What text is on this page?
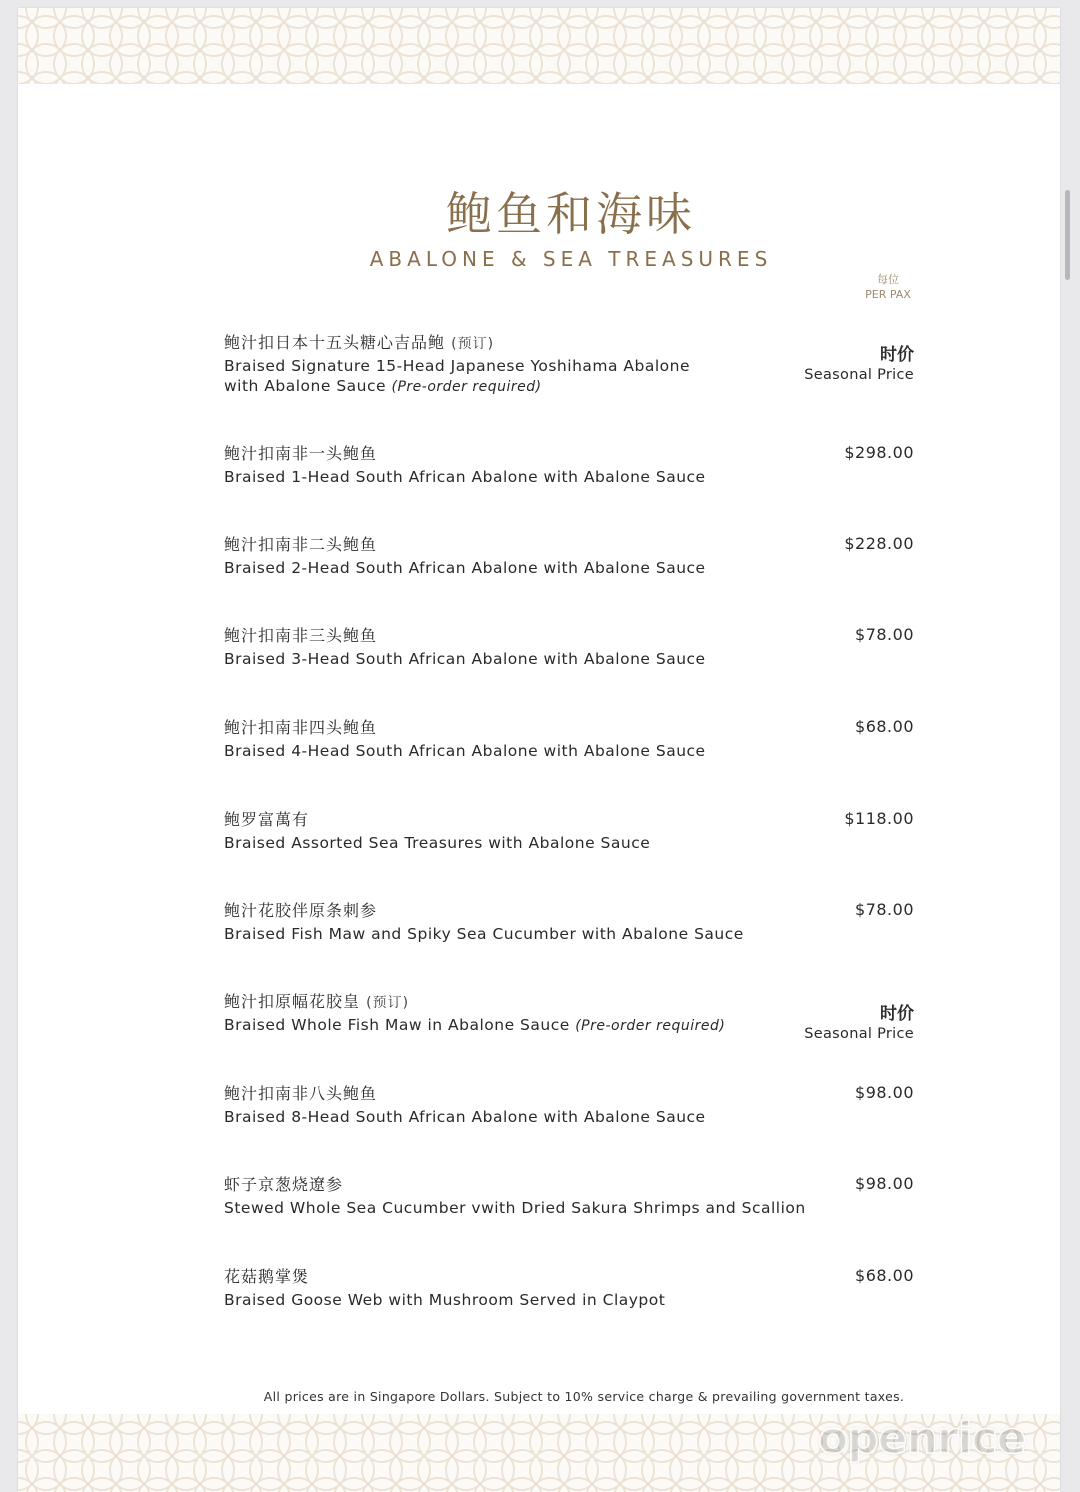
鲍鱼和海味
ABALONE & SEA TREASURES
每位
PER PAX
鲍汁扣日本十五头糖心吉品鲍 (预订)
Braised Signature 15-Head Japanese Yoshihama Abalone
with Abalone Sauce (Pre-order required)
时价
Seasonal Price
鲍汁扣南非一头鲍鱼
Braised 1-Head South African Abalone with Abalone Sauce
$298.00
鲍汁扣南非二头鲍鱼
Braised 2-Head South African Abalone with Abalone Sauce
$228.00
鲍汁扣南非三头鲍鱼
Braised 3-Head South African Abalone with Abalone Sauce
$78.00
鲍汁扣南非四头鲍鱼
Braised 4-Head South African Abalone with Abalone Sauce
$68.00
鲍罗富萬有
Braised Assorted Sea Treasures with Abalone Sauce
$118.00
鲍汁花胶伴原条刺参
Braised Fish Maw and Spiky Sea Cucumber with Abalone Sauce
$78.00
鲍汁扣原幅花胶皇 (预订)
Braised Whole Fish Maw in Abalone Sauce (Pre-order required)
时价
Seasonal Price
鲍汁扣南非八头鲍鱼
Braised 8-Head South African Abalone with Abalone Sauce
$98.00
虾子京葱烧遼参
Stewed Whole Sea Cucumber vwith Dried Sakura Shrimps and Scallion
$98.00
花菇鹅掌煲
Braised Goose Web with Mushroom Served in Claypot
$68.00
All prices are in Singapore Dollars. Subject to 10% service charge & prevailing government taxes.
openrice
